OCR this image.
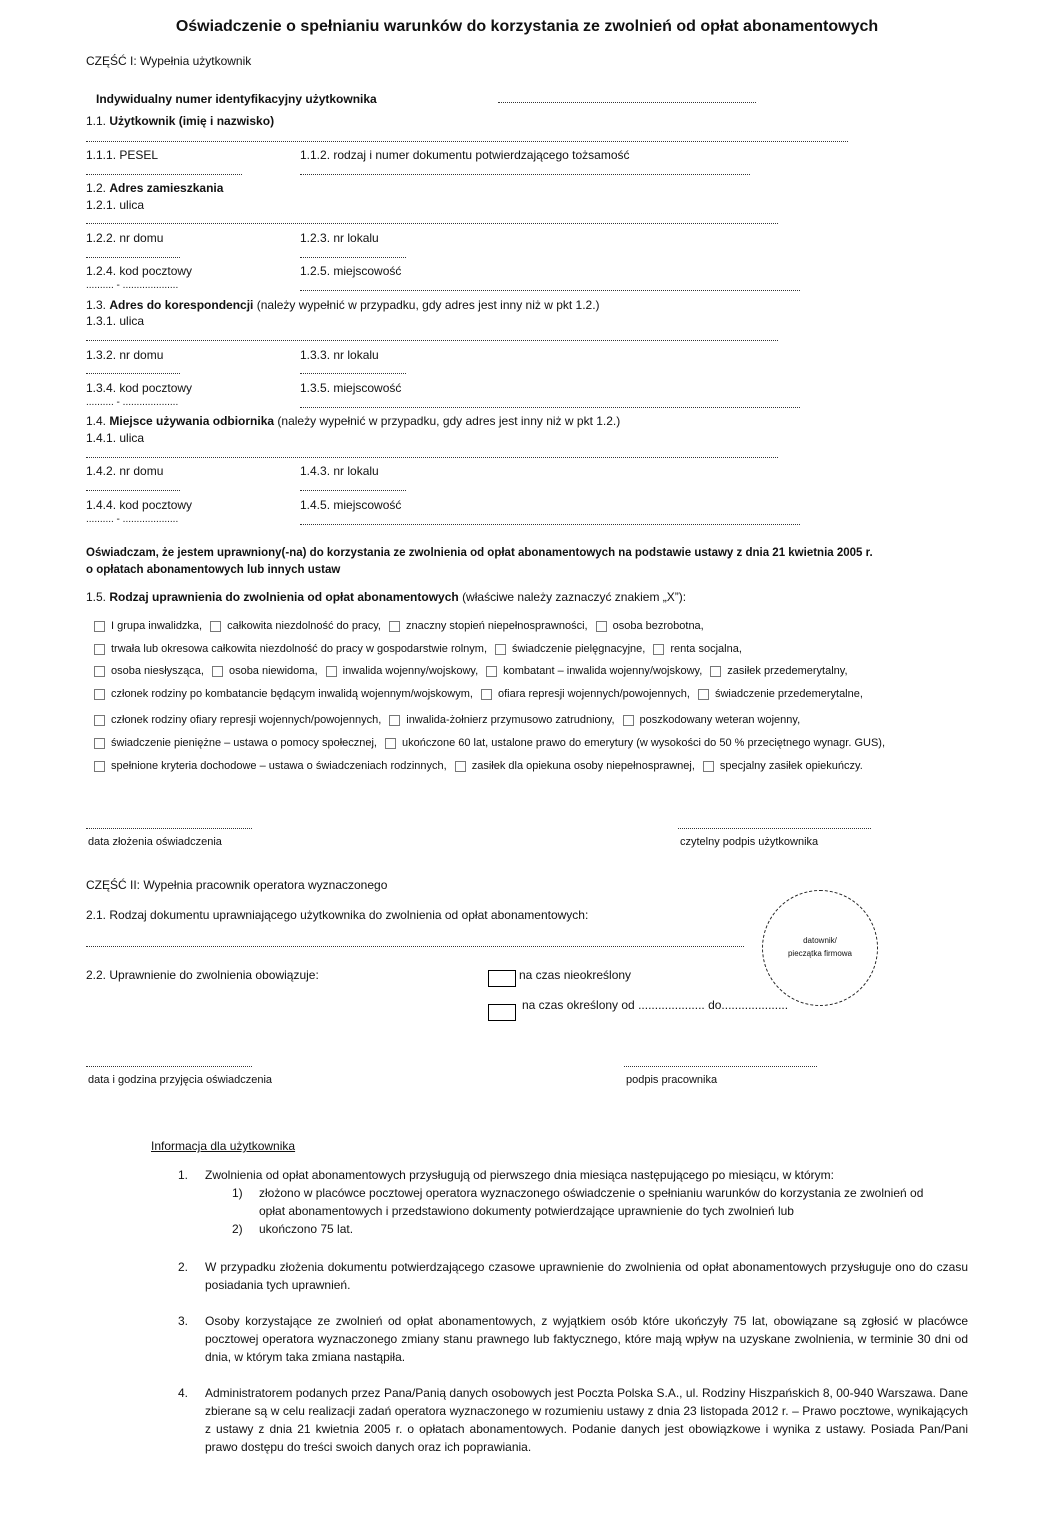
Oświadczenie o spełnianiu warunków do korzystania ze zwolnień od opłat abonamentowych
CZĘŚĆ I: Wypełnia użytkownik
Indywidualny numer identyfikacyjny użytkownika
1.1. Użytkownik (imię i nazwisko)
1.1.1. PESEL	1.1.2. rodzaj i numer dokumentu potwierdzającego tożsamość
1.2. Adres zamieszkania
1.2.1. ulica
1.2.2. nr domu	1.2.3. nr lokalu
1.2.4. kod pocztowy	1.2.5. miejscowość
.......... - ....................
1.3. Adres do korespondencji (należy wypełnić w przypadku, gdy adres jest inny niż w pkt 1.2.)
1.3.1. ulica
1.3.2. nr domu	1.3.3. nr lokalu
1.3.4. kod pocztowy	1.3.5. miejscowość
.......... - ....................
1.4. Miejsce używania odbiornika (należy wypełnić w przypadku, gdy adres jest inny niż w pkt 1.2.)
1.4.1. ulica
1.4.2. nr domu	1.4.3. nr lokalu
1.4.4. kod pocztowy	1.4.5. miejscowość
.......... - ....................
Oświadczam, że jestem uprawniony(-na) do korzystania ze zwolnienia od opłat abonamentowych na podstawie ustawy z dnia 21 kwietnia 2005 r.
o opłatach abonamentowych lub innych ustaw
1.5. Rodzaj uprawnienia do zwolnienia od opłat abonamentowych (właściwe należy zaznaczyć znakiem „X”):
I grupa inwalidzka, całkowita niezdolność do pracy, znaczny stopień niepełnosprawności, osoba bezrobotna,
trwała lub okresowa całkowita niezdolność do pracy w gospodarstwie rolnym, świadczenie pielęgnacyjne, renta socjalna,
osoba niesłysząca, osoba niewidoma, inwalida wojenny/wojskowy, kombatant – inwalida wojenny/wojskowy, zasiłek przedemerytalny,
członek rodziny po kombatancie będącym inwalidą wojennym/wojskowym, ofiara represji wojennych/powojennych, świadczenie przedemerytalne,
członek rodziny ofiary represji wojennych/powojennych, inwalida-żołnierz przymusowo zatrudniony, poszkodowany weteran wojenny,
świadczenie pieniężne – ustawa o pomocy społecznej, ukończone 60 lat, ustalone prawo do emerytury (w wysokości do 50 % przeciętnego wynagr. GUS),
spełnione kryteria dochodowe – ustawa o świadczeniach rodzinnych, zasiłek dla opiekuna osoby niepełnosprawnej, specjalny zasiłek opiekuńczy.
data złożenia oświadczenia	czytelny podpis użytkownika
CZĘŚĆ II: Wypełnia pracownik operatora wyznaczonego
2.1. Rodzaj dokumentu uprawniającego użytkownika do zwolnienia od opłat abonamentowych:
datownik/
pieczątka firmowa
2.2. Uprawnienie do zwolnienia obowiązuje:	na czas nieokreślony
na czas określony od .................... do....................
data i godzina przyjęcia oświadczenia	podpis pracownika
Informacja dla użytkownika
1. Zwolnienia od opłat abonamentowych przysługują od pierwszego dnia miesiąca następującego po miesiącu, w którym:
1) złożono w placówce pocztowej operatora wyznaczonego oświadczenie o spełnianiu warunków do korzystania ze zwolnień od
opłat abonamentowych i przedstawiono dokumenty potwierdzające uprawnienie do tych zwolnień lub
2) ukończono 75 lat.
2. W przypadku złożenia dokumentu potwierdzającego czasowe uprawnienie do zwolnienia od opłat abonamentowych przysługuje ono do czasu posiadania tych uprawnień.
3. Osoby korzystające ze zwolnień od opłat abonamentowych, z wyjątkiem osób które ukończyły 75 lat, obowiązane są zgłosić w placówce pocztowej operatora wyznaczonego zmiany stanu prawnego lub faktycznego, które mają wpływ na uzyskane zwolnienia, w terminie 30 dni od dnia, w którym taka zmiana nastąpiła.
4. Administratorem podanych przez Pana/Panią danych osobowych jest Poczta Polska S.A., ul. Rodziny Hiszpańskich 8, 00-940 Warszawa. Dane zbierane są w celu realizacji zadań operatora wyznaczonego w rozumieniu ustawy z dnia 23 listopada 2012 r. – Prawo pocztowe, wynikających z ustawy z dnia 21 kwietnia 2005 r. o opłatach abonamentowych. Podanie danych jest obowiązkowe i wynika z ustawy. Posiada Pan/Pani prawo dostępu do treści swoich danych oraz ich poprawiania.
